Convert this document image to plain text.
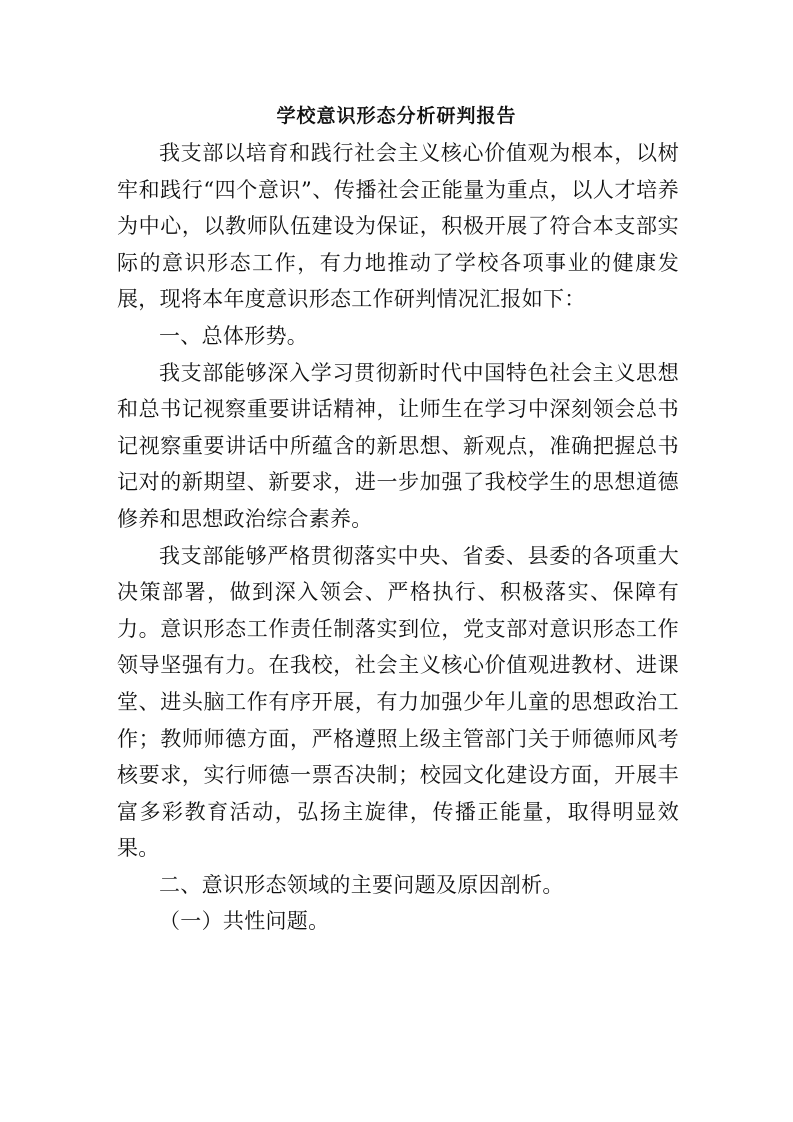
学校意识形态分析研判报告

我支部以培育和践行社会主义核心价值观为根本，以树牢和践行“四个意识”、传播社会正能量为重点，以人才培养为中心，以教师队伍建设为保证，积极开展了符合本支部实际的意识形态工作，有力地推动了学校各项事业的健康发展，现将本年度意识形态工作研判情况汇报如下：

一、总体形势。

我支部能够深入学习贯彻新时代中国特色社会主义思想和总书记视察重要讲话精神，让师生在学习中深刻领会总书记视察重要讲话中所蕴含的新思想、新观点，准确把握总书记对的新期望、新要求，进一步加强了我校学生的思想道德修养和思想政治综合素养。

我支部能够严格贯彻落实中央、省委、县委的各项重大决策部署，做到深入领会、严格执行、积极落实、保障有力。意识形态工作责任制落实到位，党支部对意识形态工作领导坚强有力。在我校，社会主义核心价值观进教材、进课堂、进头脑工作有序开展，有力加强少年儿童的思想政治工作；教师师德方面，严格遵照上级主管部门关于师德师风考核要求，实行师德一票否决制；校园文化建设方面，开展丰富多彩教育活动，弘扬主旋律，传播正能量，取得明显效果。

二、意识形态领域的主要问题及原因剖析。

（一）共性问题。
